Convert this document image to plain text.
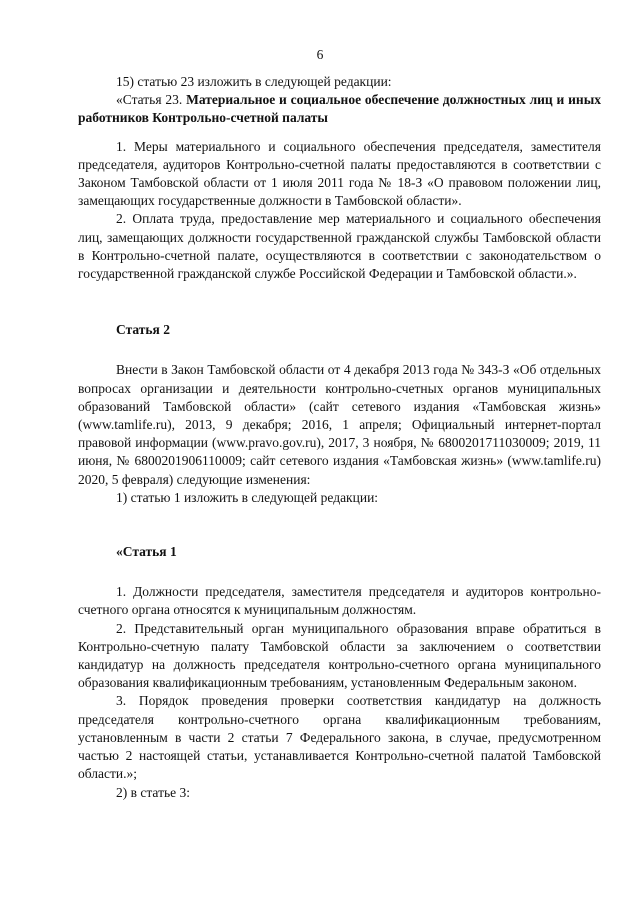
6

15) статью 23 изложить в следующей редакции:

«Статья 23. Материальное и социальное обеспечение должностных лиц и иных работников Контрольно-счетной палаты

1. Меры материального и социального обеспечения председателя, заместителя председателя, аудиторов Контрольно-счетной палаты предоставляются в соответствии с Законом Тамбовской области от 1 июля 2011 года № 18-З «О правовом положении лиц, замещающих государственные должности в Тамбовской области».

2. Оплата труда, предоставление мер материального и социального обеспечения лиц, замещающих должности государственной гражданской службы Тамбовской области в Контрольно-счетной палате, осуществляются в соответствии с законодательством о государственной гражданской службе Российской Федерации и Тамбовской области.».

Статья 2

Внести в Закон Тамбовской области от 4 декабря 2013 года № 343-З «Об отдельных вопросах организации и деятельности контрольно-счетных органов муниципальных образований Тамбовской области» (сайт сетевого издания «Тамбовская жизнь» (www.tamlife.ru), 2013, 9 декабря; 2016, 1 апреля; Официальный интернет-портал правовой информации (www.pravo.gov.ru), 2017, 3 ноября, № 6800201711030009; 2019, 11 июня, № 6800201906110009; сайт сетевого издания «Тамбовская жизнь» (www.tamlife.ru) 2020, 5 февраля) следующие изменения:

1) статью 1 изложить в следующей редакции:

«Статья 1

1. Должности председателя, заместителя председателя и аудиторов контрольно-счетного органа относятся к муниципальным должностям.

2. Представительный орган муниципального образования вправе обратиться в Контрольно-счетную палату Тамбовской области за заключением о соответствии кандидатур на должность председателя контрольно-счетного органа муниципального образования квалификационным требованиям, установленным Федеральным законом.

3. Порядок проведения проверки соответствия кандидатур на должность председателя контрольно-счетного органа квалификационным требованиям, установленным в части 2 статьи 7 Федерального закона, в случае, предусмотренном частью 2 настоящей статьи, устанавливается Контрольно-счетной палатой Тамбовской области.»;

2) в статье 3:
